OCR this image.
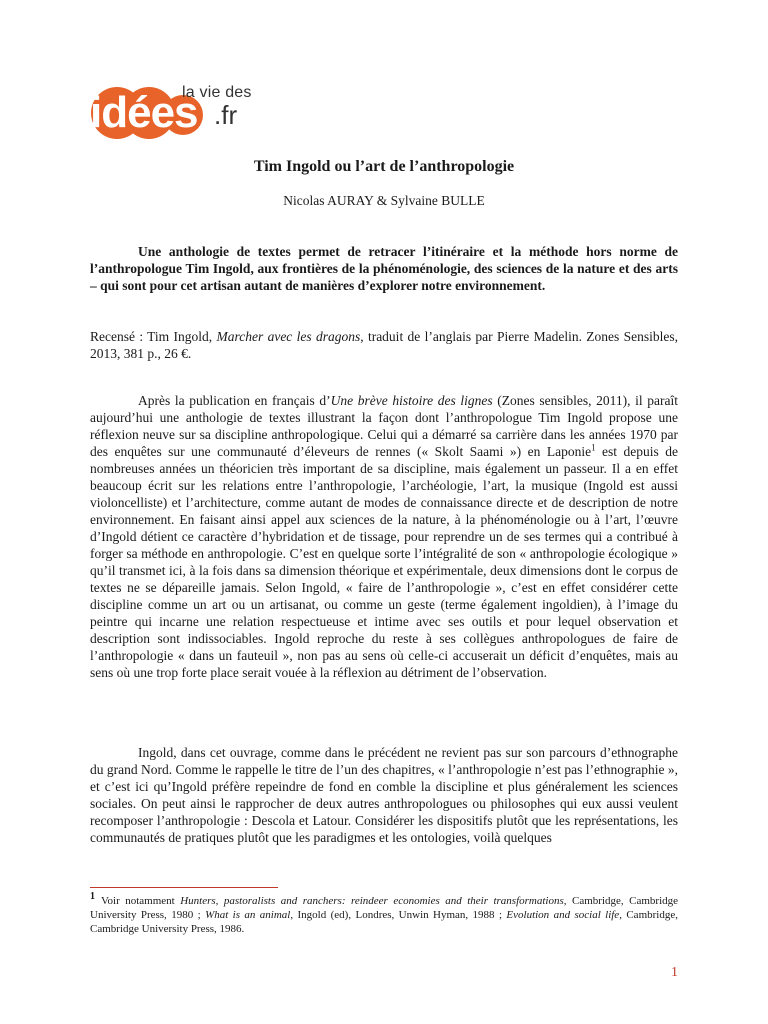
la vie des
idées .fr
Tim Ingold ou l’art de l’anthropologie
Nicolas AURAY & Sylvaine BULLE

Une anthologie de textes permet de retracer l’itinéraire et la méthode hors norme de l’anthropologue Tim Ingold, aux frontières de la phénoménologie, des sciences de la nature et des arts – qui sont pour cet artisan autant de manières d’explorer notre environnement.

Recensé : Tim Ingold, Marcher avec les dragons, traduit de l’anglais par Pierre Madelin. Zones Sensibles, 2013, 381 p., 26 €.

Après la publication en français d’Une brève histoire des lignes (Zones sensibles, 2011), il paraît aujourd’hui une anthologie de textes illustrant la façon dont l’anthropologue Tim Ingold propose une réflexion neuve sur sa discipline anthropologique. Celui qui a démarré sa carrière dans les années 1970 par des enquêtes sur une communauté d’éleveurs de rennes (« Skolt Saami ») en Laponie$^1$ est depuis de nombreuses années un théoricien très important de sa discipline, mais également un passeur. Il a en effet beaucoup écrit sur les relations entre l’anthropologie, l’archéologie, l’art, la musique (Ingold est aussi violoncelliste) et l’architecture, comme autant de modes de connaissance directe et de description de notre environnement. En faisant ainsi appel aux sciences de la nature, à la phénoménologie ou à l’art, l’œuvre d’Ingold détient ce caractère d’hybridation et de tissage, pour reprendre un de ses termes qui a contribué à forger sa méthode en anthropologie. C’est en quelque sorte l’intégralité de son « anthropologie écologique » qu’il transmet ici, à la fois dans sa dimension théorique et expérimentale, deux dimensions dont le corpus de textes ne se dépareille jamais. Selon Ingold, « faire de l’anthropologie », c’est en effet considérer cette discipline comme un art ou un artisanat, ou comme un geste (terme également ingoldien), à l’image du peintre qui incarne une relation respectueuse et intime avec ses outils et pour lequel observation et description sont indissociables. Ingold reproche du reste à ses collègues anthropologues de faire de l’anthropologie « dans un fauteuil », non pas au sens où celle-ci accuserait un déficit d’enquêtes, mais au sens où une trop forte place serait vouée à la réflexion au détriment de l’observation.

Ingold, dans cet ouvrage, comme dans le précédent ne revient pas sur son parcours d’ethnographe du grand Nord. Comme le rappelle le titre de l’un des chapitres, « l’anthropologie n’est pas l’ethnographie », et c’est ici qu’Ingold préfère repeindre de fond en comble la discipline et plus généralement les sciences sociales. On peut ainsi le rapprocher de deux autres anthropologues ou philosophes qui eux aussi veulent recomposer l’anthropologie : Descola et Latour. Considérer les dispositifs plutôt que les représentations, les communautés de pratiques plutôt que les paradigmes et les ontologies, voilà quelques

1 Voir notamment Hunters, pastoralists and ranchers: reindeer economies and their transformations, Cambridge, Cambridge University Press, 1980 ; What is an animal, Ingold (ed), Londres, Unwin Hyman, 1988 ; Evolution and social life, Cambridge, Cambridge University Press, 1986.

1
